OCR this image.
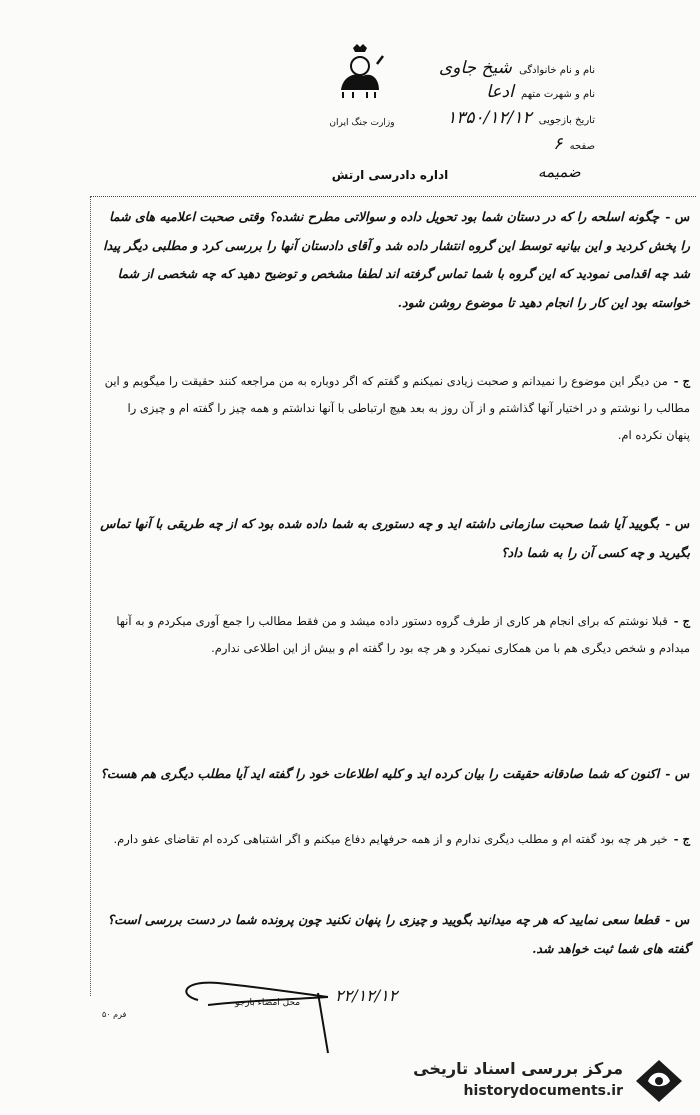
وزارت جنگ ایران
نام و نام خانوادگی شیخ جاوی
نام و شهرت متهم ادعا
تاریخ بازجویی ۱۳۵۰/۱۲/۱۲
صفحه ۶
اداره دادرسی ارتش	ضمیمه
س -چگونه اسلحه را که در دستان شما بود تحویل داده و سوالاتی مطرح نشده؟ وقتی صحبت اعلامیه های شما را پخش کردید و این بیانیه توسط این گروه انتشار داده شد و آقای دادستان آنها را بررسی کرد و مطلبی دیگر پیدا شد چه اقدامی نمودید که این گروه با شما تماس گرفته اند لطفا مشخص و توضیح دهید که چه شخصی از شما خواسته بود این کار را انجام دهید تا موضوع روشن شود.
ج -من دیگر این موضوع را نمیدانم و صحبت زیادی نمیکنم و گفتم که اگر دوباره به من مراجعه کنند حقیقت را میگویم و این مطالب را نوشتم و در اختیار آنها گذاشتم و از آن روز به بعد هیچ ارتباطی با آنها نداشتم و همه چیز را گفته ام و چیزی را پنهان نکرده ام.
س -بگویید آیا شما صحبت سازمانی داشته اید و چه دستوری به شما داده شده بود که از چه طریقی با آنها تماس بگیرید و چه کسی آن را به شما داد؟
ج -قبلا نوشتم که برای انجام هر کاری از طرف گروه دستور داده میشد و من فقط مطالب را جمع آوری میکردم و به آنها میدادم و شخص دیگری هم با من همکاری نمیکرد و هر چه بود را گفته ام و بیش از این اطلاعی ندارم.
س -اکنون که شما صادقانه حقیقت را بیان کرده اید و کلیه اطلاعات خود را گفته اید آیا مطلب دیگری هم هست؟
ج -خیر هر چه بود گفته ام و مطلب دیگری ندارم و از همه حرفهایم دفاع میکنم و اگر اشتباهی کرده ام تقاضای عفو دارم.
س -قطعا سعی نمایید که هر چه میدانید بگویید و چیزی را پنهان نکنید چون پرونده شما در دست بررسی است؟ گفته های شما ثبت خواهد شد.
محل امضاء بازجو ۲۲/۱۲/۱۲
فرم ۵۰
مرکز بررسی اسناد تاریخی
historydocuments.ir
